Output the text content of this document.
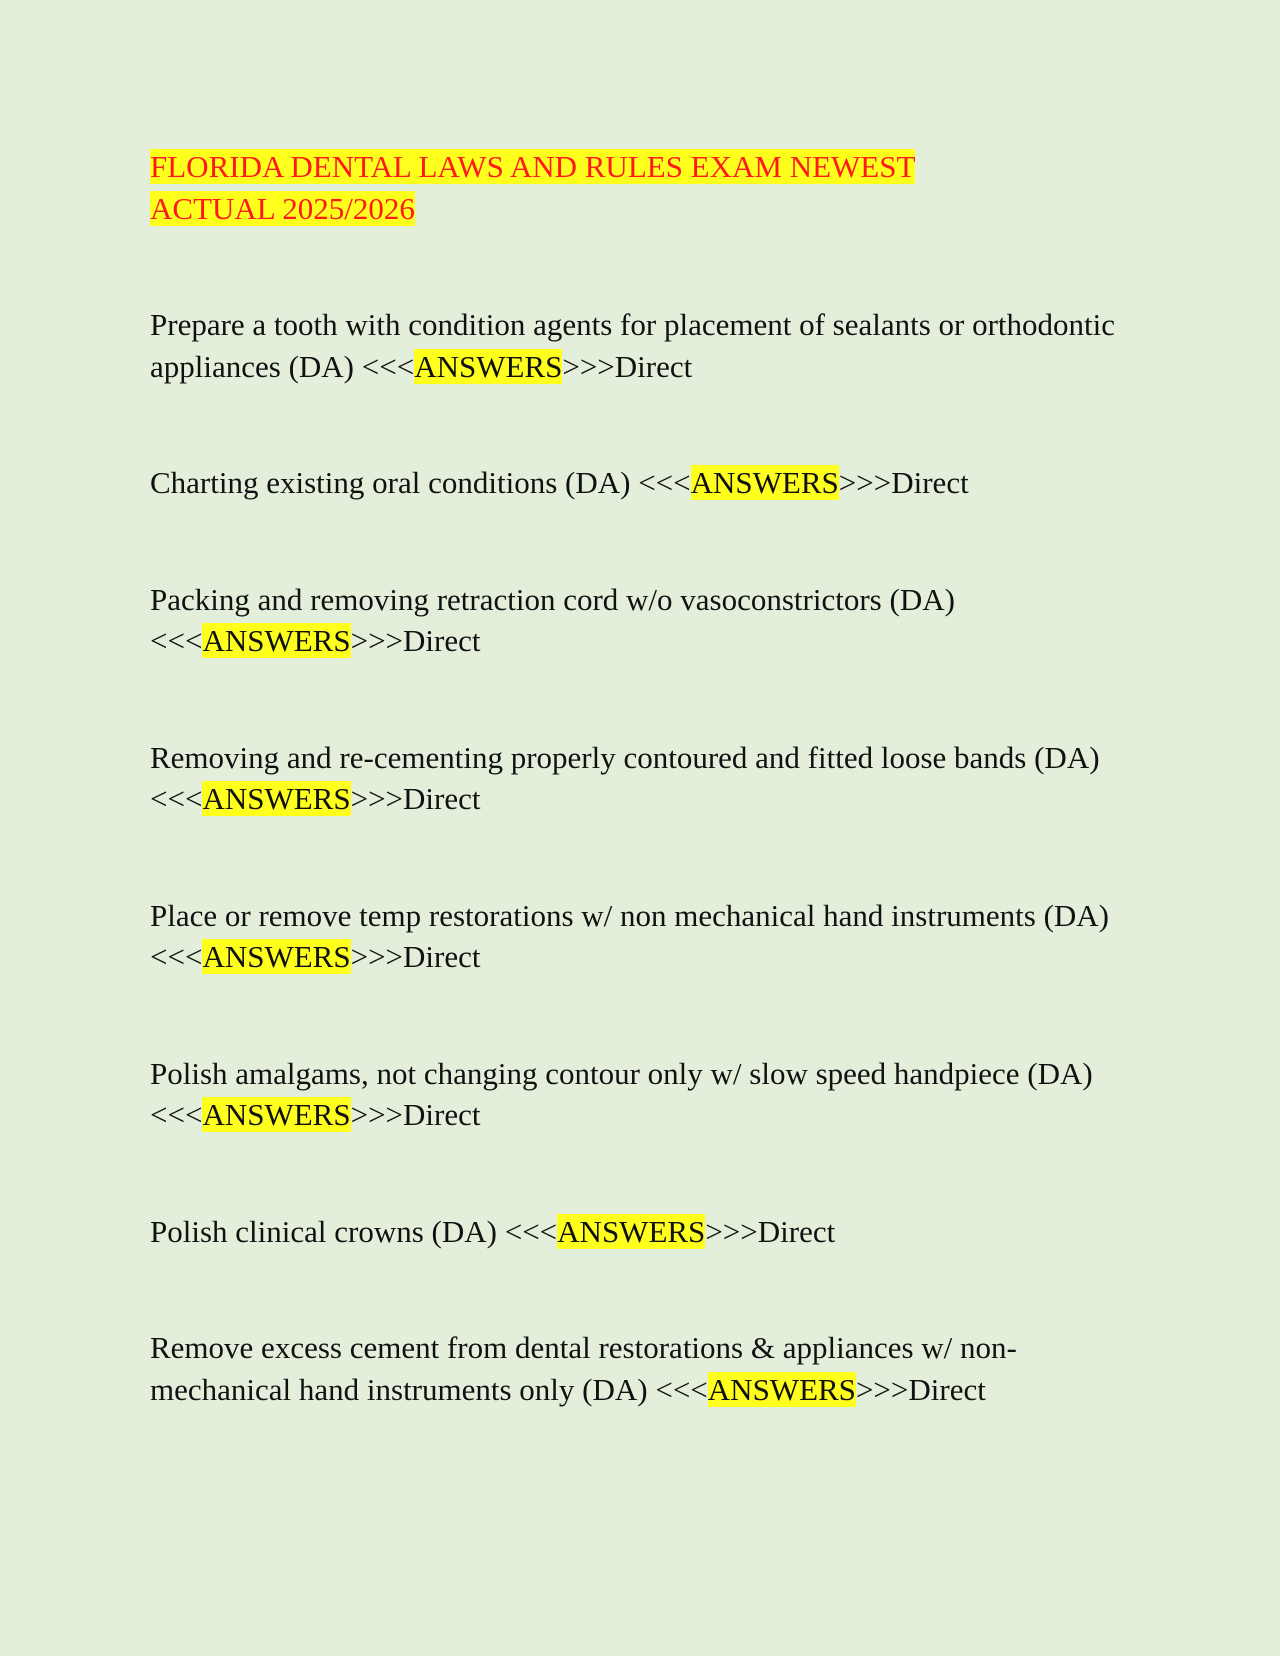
FLORIDA DENTAL LAWS AND RULES EXAM NEWEST
ACTUAL 2025/2026
Prepare a tooth with condition agents for placement of sealants or orthodontic appliances (DA) <<<ANSWERS>>>Direct
Charting existing oral conditions (DA) <<<ANSWERS>>>Direct
Packing and removing retraction cord w/o vasoconstrictors (DA) <<<ANSWERS>>>Direct
Removing and re-cementing properly contoured and fitted loose bands (DA) <<<ANSWERS>>>Direct
Place or remove temp restorations w/ non mechanical hand instruments (DA) <<<ANSWERS>>>Direct
Polish amalgams, not changing contour only w/ slow speed handpiece (DA) <<<ANSWERS>>>Direct
Polish clinical crowns (DA) <<<ANSWERS>>>Direct
Remove excess cement from dental restorations & appliances w/ non-mechanical hand instruments only (DA) <<<ANSWERS>>>Direct
